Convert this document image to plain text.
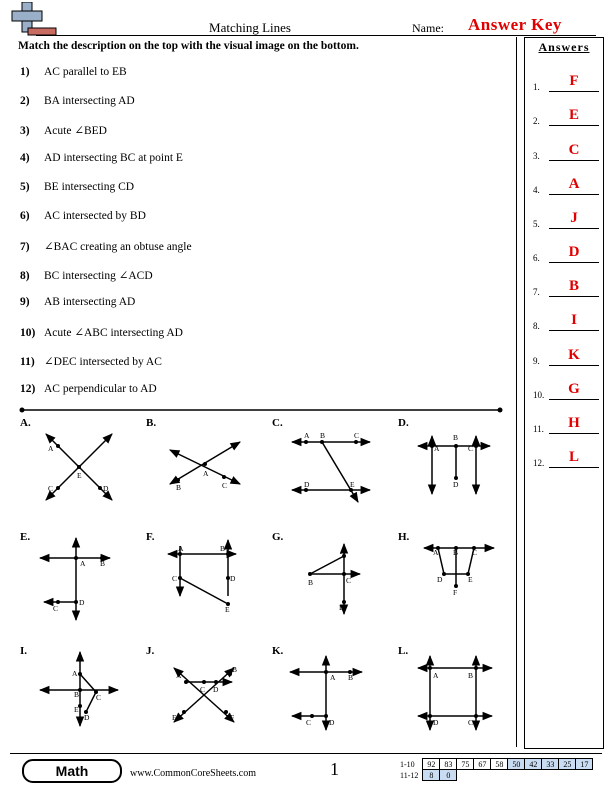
Matching Lines	Name: Answer Key
Match the description on the top with the visual image on the bottom.
1) AC parallel to EB
2) BA intersecting AD
3) Acute ∠BED
4) AD intersecting BC at point E
5) BE intersecting CD
6) AC intersected by BD
7) ∠BAC creating an obtuse angle
8) BC intersecting ∠ACD
9) AB intersecting AD
10) Acute ∠ABC intersecting AD
11) ∠DEC intersected by AC
12) AC perpendicular to AD
Answers
1.	F
2.	E
3.	C
4.	A
5.	J
6.	D
7.	B
8.	I
9.	K
10.	G
11.	H
12.	L
A.	B.	C.	D.
E.	F.	G.	H.
I.	J.	K.	L.
A
E
C	D	B
A
C
A B	C
D	E
A
B
C
D
A B
C
D
A	B
C	D
E
A
B	C
D
A B C
D	E
F
A
B C
E
D
A
C D
B
E	F
A B
C D
A	B
D	C
Math	www.CommonCoreSheets.com	1	1-10	92	83	75	67	58	50	42	33	25	17
11-12	8	0								
